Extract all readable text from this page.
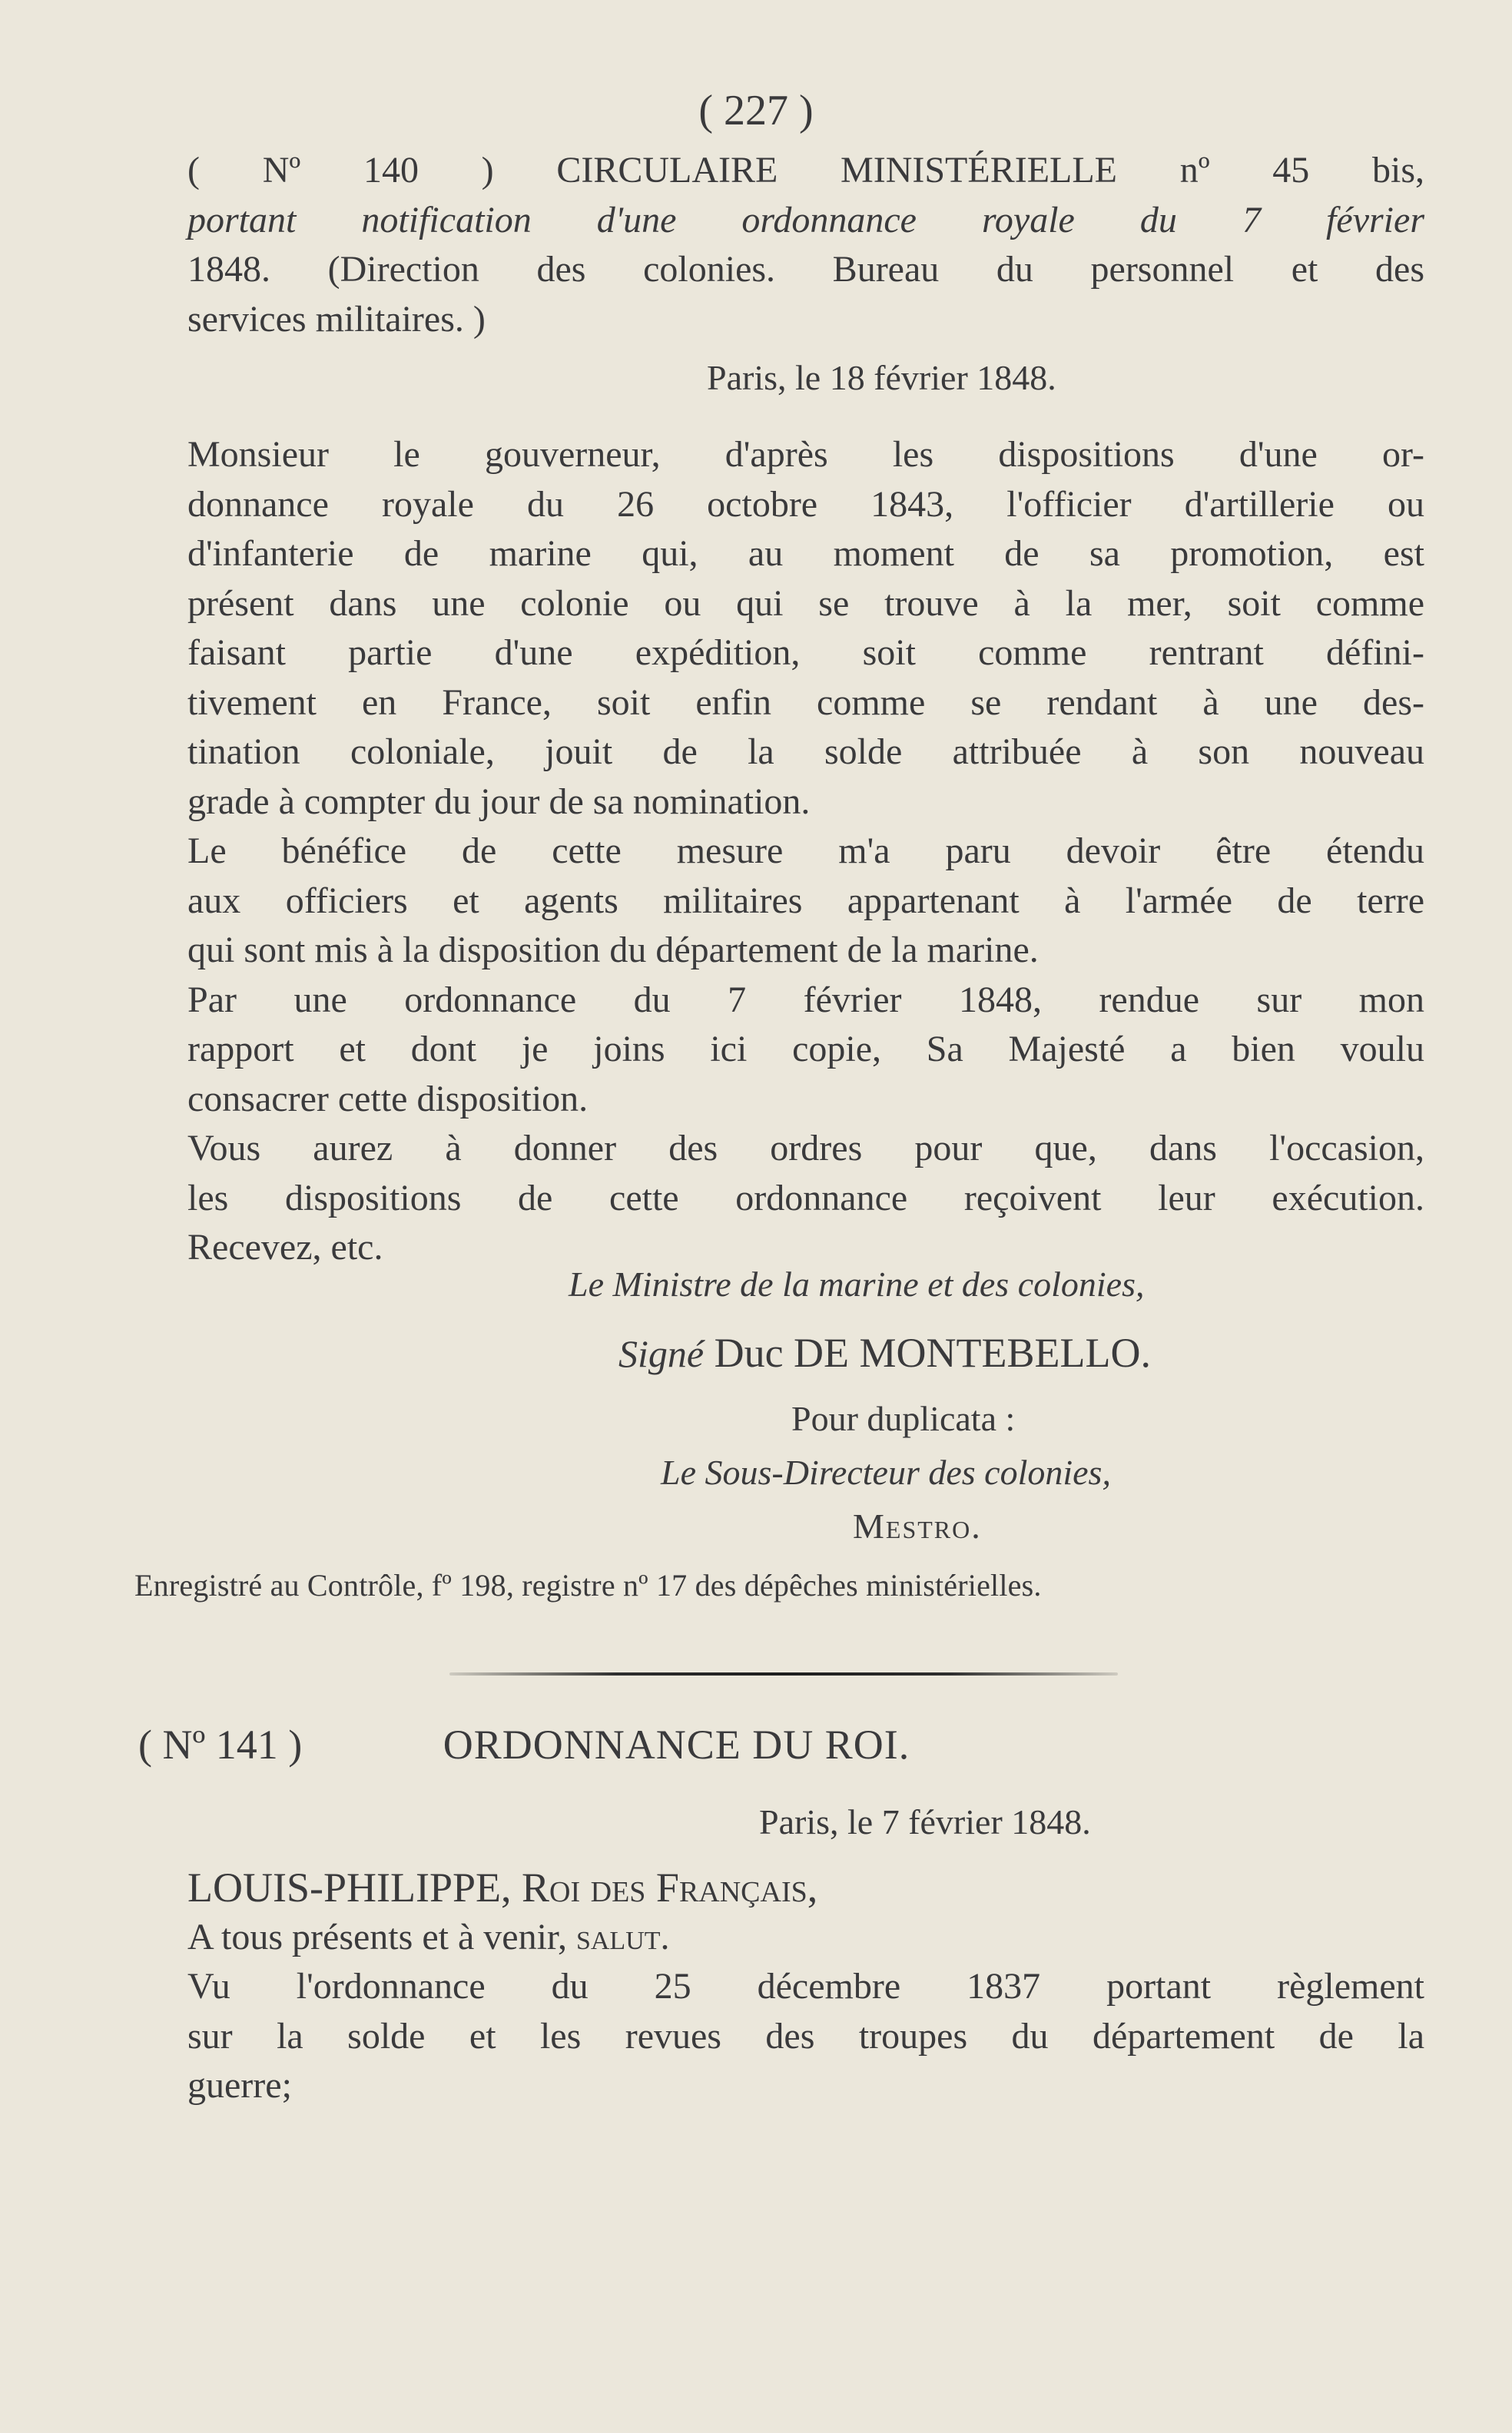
( 227 )
( Nº 140 ) CIRCULAIRE MINISTÉRIELLE nº 45 bis,
portant notification d'une ordonnance royale du 7 février
1848. (Direction des colonies. Bureau du personnel et des
services militaires. )
Paris, le 18 février 1848.

Monsieur le gouverneur, d'après les dispositions d'une or-

donnance royale du 26 octobre 1843, l'officier d'artillerie ou

d'infanterie de marine qui, au moment de sa promotion, est

présent dans une colonie ou qui se trouve à la mer, soit comme

faisant partie d'une expédition, soit comme rentrant défini-

tivement en France, soit enfin comme se rendant à une des-

tination coloniale, jouit de la solde attribuée à son nouveau

grade à compter du jour de sa nomination.

Le bénéfice de cette mesure m'a paru devoir être étendu

aux officiers et agents militaires appartenant à l'armée de terre

qui sont mis à la disposition du département de la marine.

Par une ordonnance du 7 février 1848, rendue sur mon

rapport et dont je joins ici copie, Sa Majesté a bien voulu

consacrer cette disposition.

Vous aurez à donner des ordres pour que, dans l'occasion,

les dispositions de cette ordonnance reçoivent leur exécution.

Recevez, etc.

Le Ministre de la marine et des colonies,
Signé Duc DE MONTEBELLO.
Pour duplicata :
Le Sous-Directeur des colonies,
Mestro.
Enregistré au Contrôle, fº 198, registre nº 17 des dépêches ministérielles.
( Nº 141 )	ORDONNANCE DU ROI.
Paris, le 7 février 1848.

LOUIS-PHILIPPE, Roi des Français,

A tous présents et à venir, salut.

Vu l'ordonnance du 25 décembre 1837 portant règlement

sur la solde et les revues des troupes du département de la

guerre;
